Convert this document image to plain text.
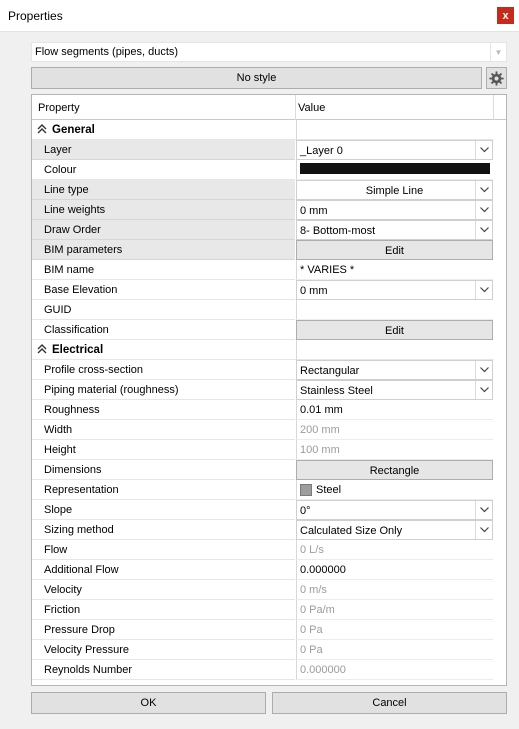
Properties	x
Flow segments (pipes, ducts)	▼
No style
Property	Value
General
Layer	_Layer 0
Colour
Line type	Simple Line
Line weights	0 mm
Draw Order	8- Bottom-most
BIM parameters	Edit
BIM name	* VARIES *
Base Elevation	0 mm
GUID
Classification	Edit
Electrical
Profile cross-section	Rectangular
Piping material (roughness)	Stainless Steel
Roughness	0.01 mm
Width	200 mm
Height	100 mm
Dimensions	Rectangle
Representation	Steel
Slope	0°
Sizing method	Calculated Size Only
Flow	0 L/s
Additional Flow	0.000000
Velocity	0 m/s
Friction	0 Pa/m
Pressure Drop	0 Pa
Velocity Pressure	0 Pa
Reynolds Number	0.000000
OK	Cancel
